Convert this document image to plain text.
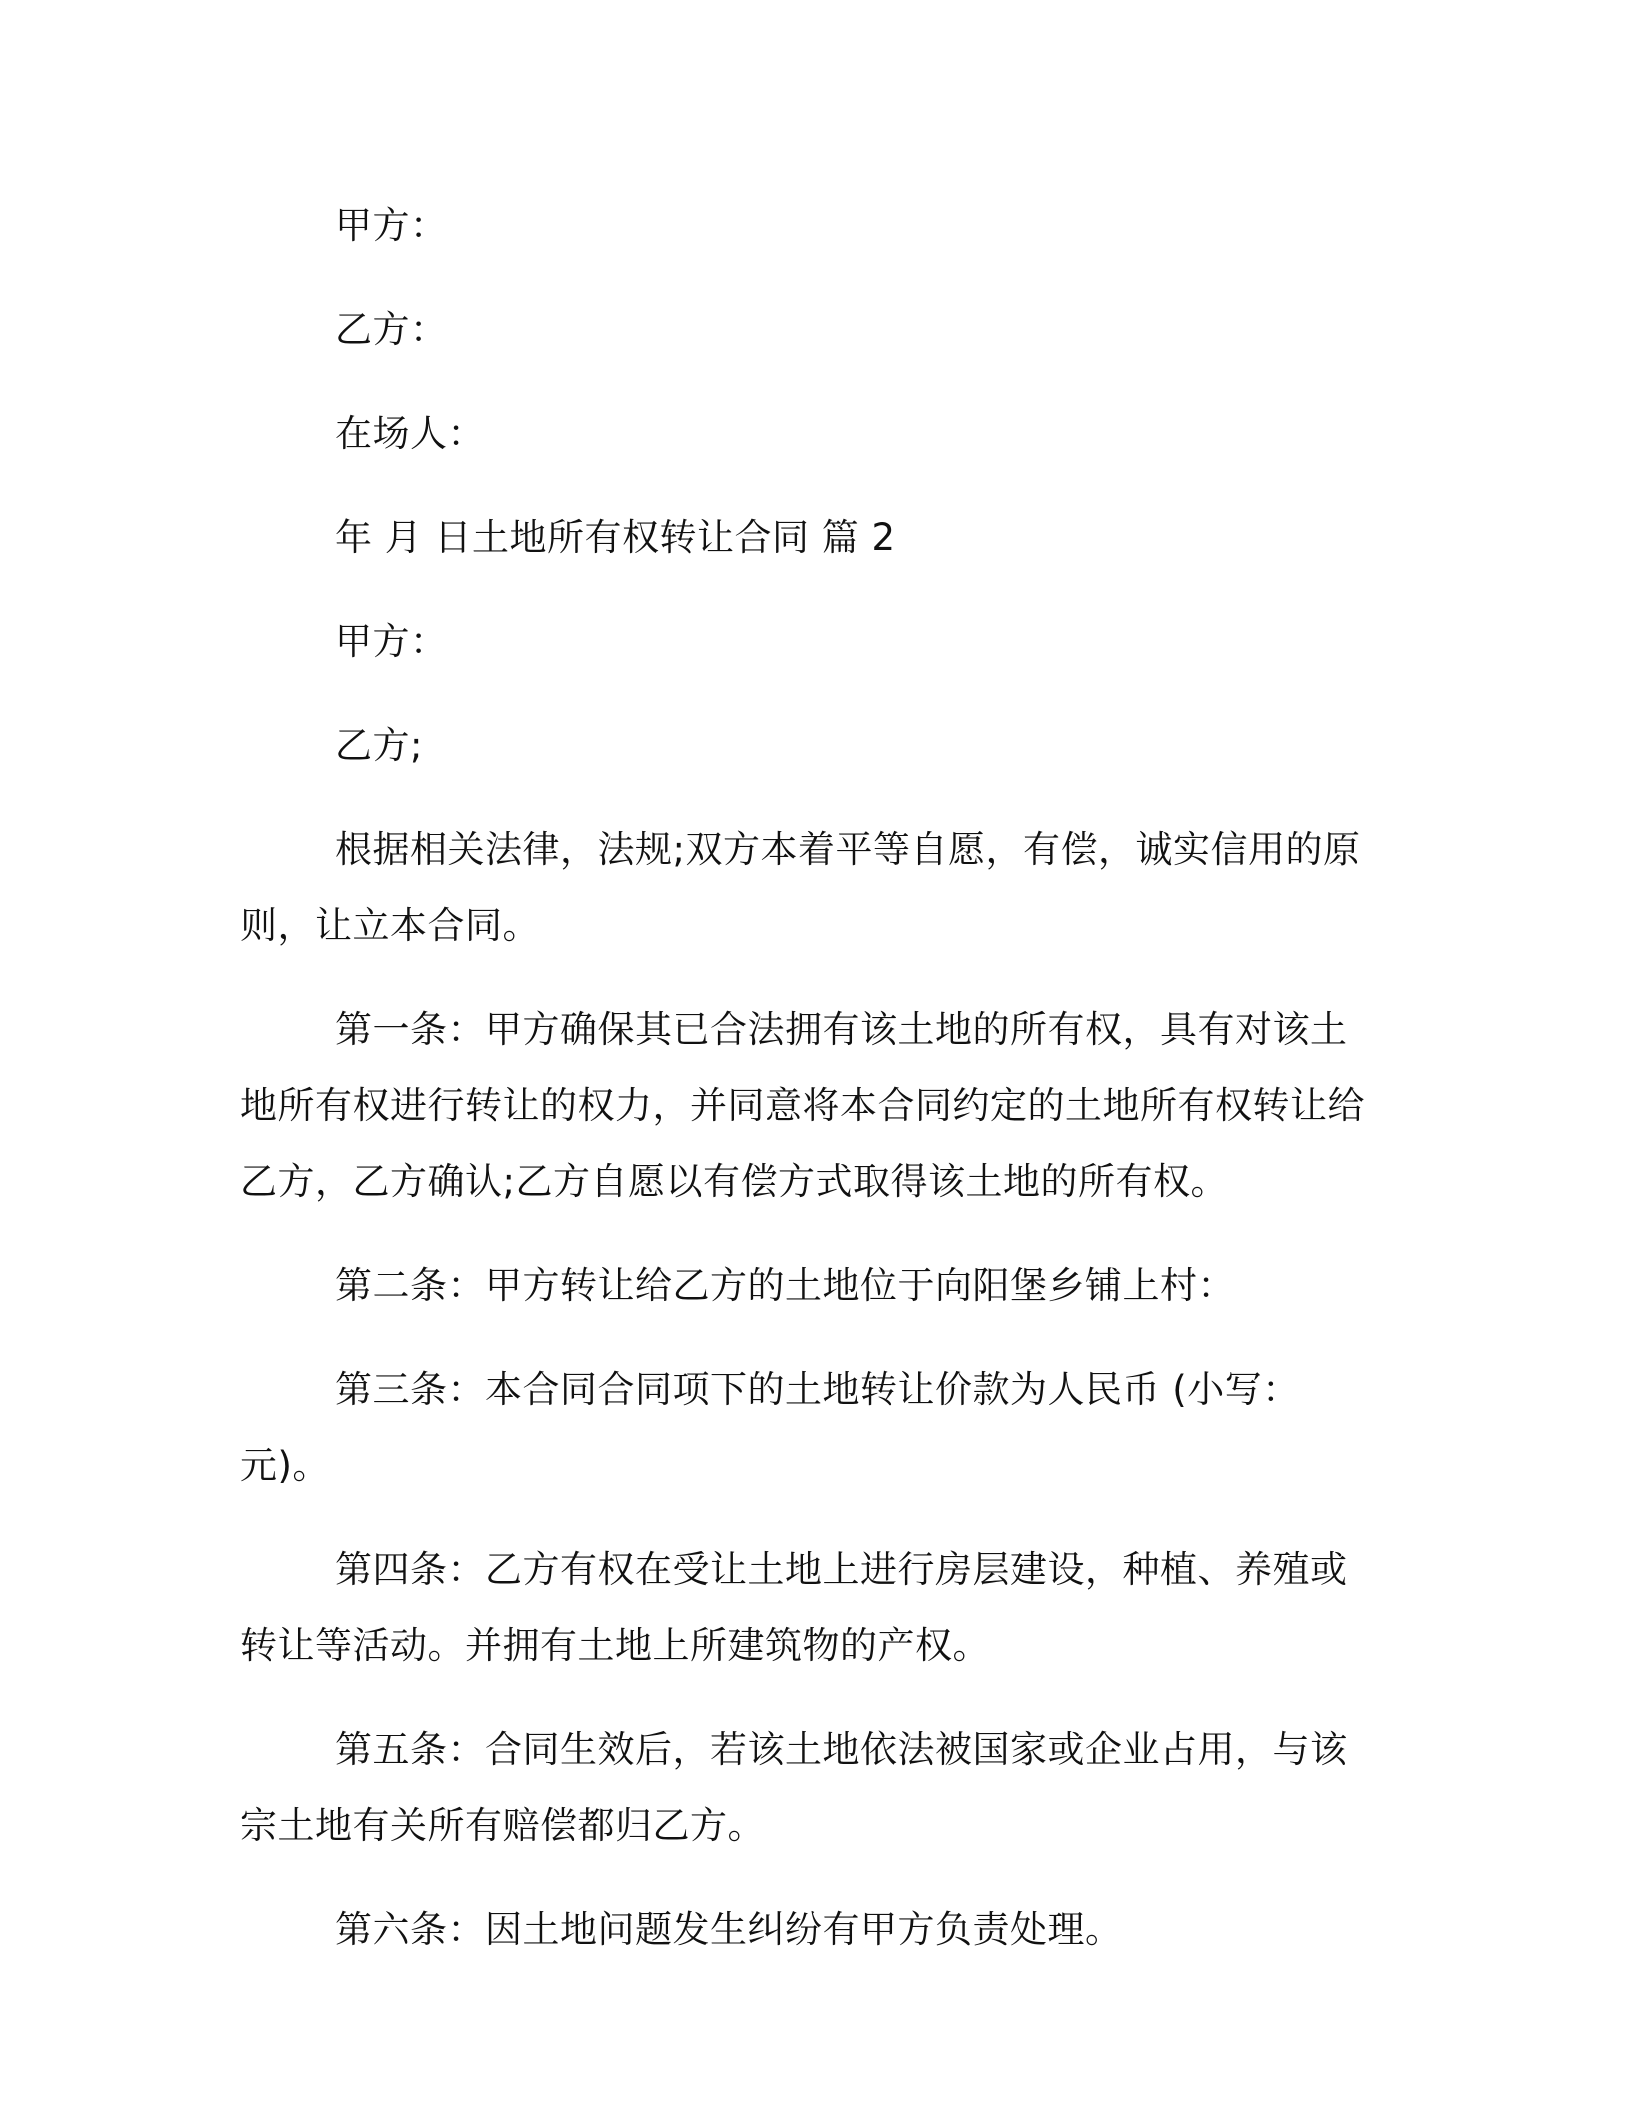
甲方：

乙方：

在场人：

年 月 日土地所有权转让合同 篇 2

甲方：

乙方;

根据相关法律，法规;双方本着平等自愿，有偿，诚实信用的原则，让立本合同。

第一条：甲方确保其已合法拥有该土地的所有权，具有对该土地所有权进行转让的权力，并同意将本合同约定的土地所有权转让给乙方，乙方确认;乙方自愿以有偿方式取得该土地的所有权。

第二条：甲方转让给乙方的土地位于向阳堡乡铺上村：

第三条：本合同合同项下的土地转让价款为人民币 (小写： 元)。

第四条：乙方有权在受让土地上进行房层建设，种植、养殖或转让等活动。并拥有土地上所建筑物的产权。

第五条：合同生效后，若该土地依法被国家或企业占用，与该宗土地有关所有赔偿都归乙方。

第六条：因土地问题发生纠纷有甲方负责处理。
